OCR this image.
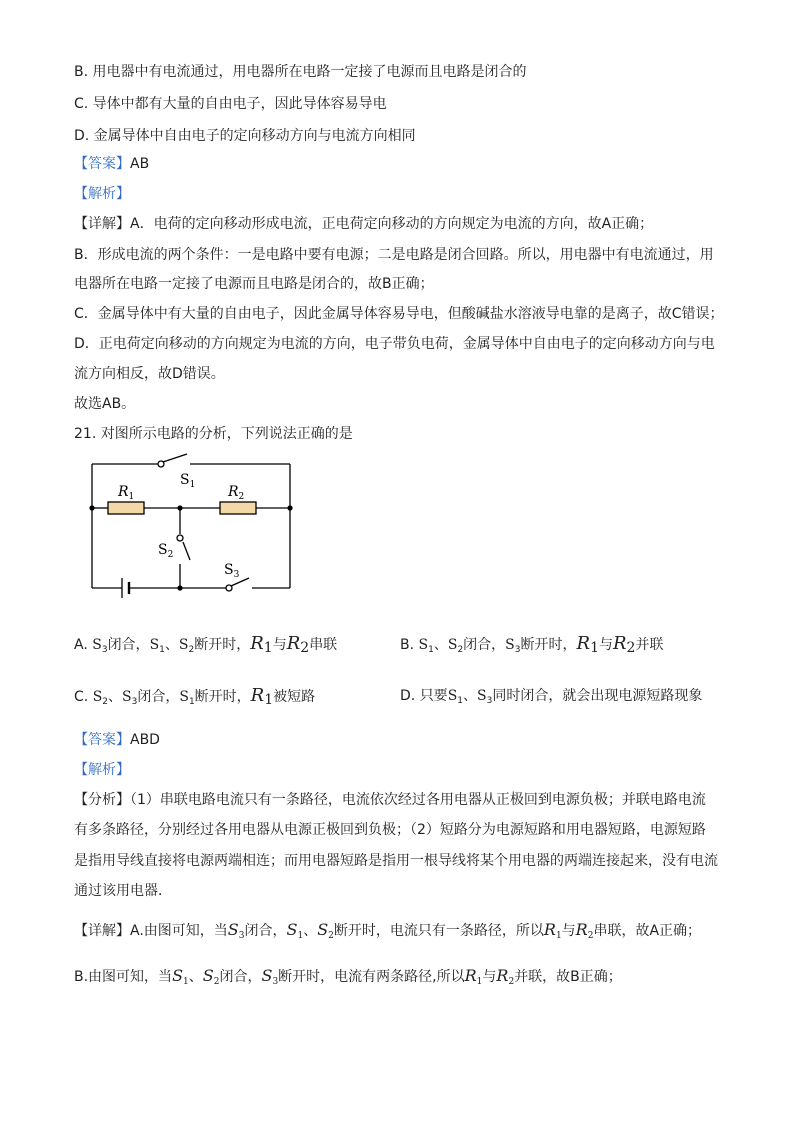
B. 用电器中有电流通过，用电器所在电路一定接了电源而且电路是闭合的
C. 导体中都有大量的自由电子，因此导体容易导电
D. 金属导体中自由电子的定向移动方向与电流方向相同
【答案】AB
【解析】
【详解】A．电荷的定向移动形成电流，正电荷定向移动的方向规定为电流的方向，故A正确；
B．形成电流的两个条件：一是电路中要有电源；二是电路是闭合回路。所以，用电器中有电流通过，用
电器所在电路一定接了电源而且电路是闭合的，故B正确；
C．金属导体中有大量的自由电子，因此金属导体容易导电，但酸碱盐水溶液导电靠的是离子，故C错误；
D．正电荷定向移动的方向规定为电流的方向，电子带负电荷，金属导体中自由电子的定向移动方向与电
流方向相反，故D错误。
故选AB。
21. 对图所示电路的分析，下列说法正确的是
$S_1$
$R_1$	$R_2$
$S_2$
$S_3$
A. $S_3$闭合，$S_1$、$S_2$断开时，$R_1$与$R_2$串联	B. $S_1$、$S_2$闭合，$S_3$断开时，$R_1$与$R_2$并联
C. $S_2$、$S_3$闭合，$S_1$断开时，$R_1$被短路	D. 只要$S_1$、$S_3$同时闭合，就会出现电源短路现象
【答案】ABD
【解析】
【分析】（1）串联电路电流只有一条路径，电流依次经过各用电器从正极回到电源负极；并联电路电流
有多条路径，分别经过各用电器从电源正极回到负极；（2）短路分为电源短路和用电器短路，电源短路
是指用导线直接将电源两端相连；而用电器短路是指用一根导线将某个用电器的两端连接起来，没有电流
通过该用电器．
【详解】A.由图可知，当$S_3$闭合，$S_1$、$S_2$断开时，电流只有一条路径，所以$R_1$与$R_2$串联，故A正确；
B.由图可知，当$S_1$、$S_2$闭合，$S_3$断开时，电流有两条路径,所以$R_1$与$R_2$并联，故B正确；
